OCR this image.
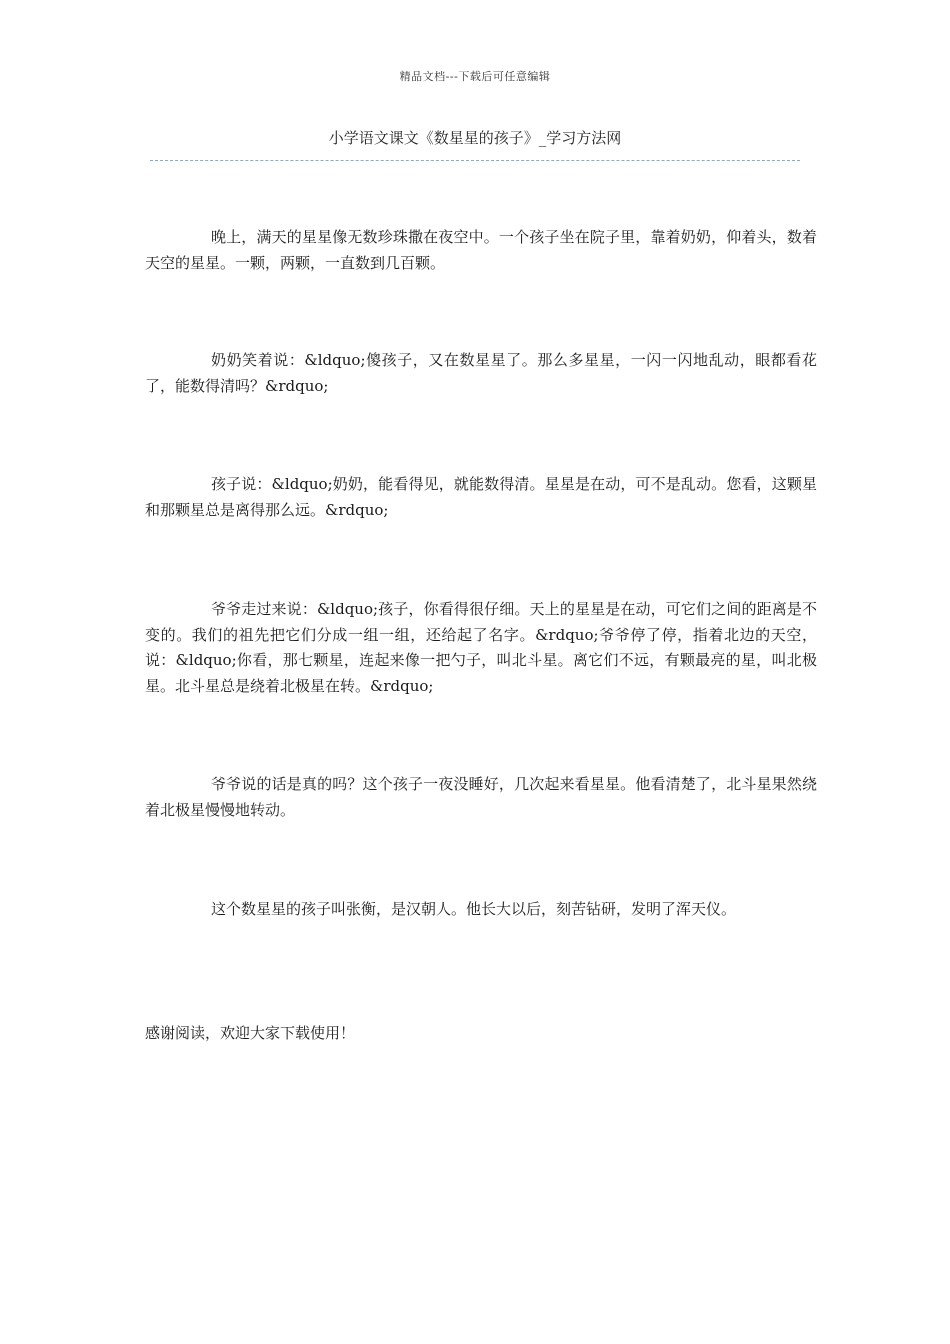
精品文档---下载后可任意编辑
小学语文课文《数星星的孩子》_学习方法网

晚上，满天的星星像无数珍珠撒在夜空中。一个孩子坐在院子里，靠着奶奶，仰着头，数着天空的星星。一颗，两颗，一直数到几百颗。

奶奶笑着说：&ldquo;傻孩子，又在数星星了。那么多星星，一闪一闪地乱动，眼都看花了，能数得清吗？&rdquo;

孩子说：&ldquo;奶奶，能看得见，就能数得清。星星是在动，可不是乱动。您看，这颗星和那颗星总是离得那么远。&rdquo;

爷爷走过来说：&ldquo;孩子，你看得很仔细。天上的星星是在动，可它们之间的距离是不变的。我们的祖先把它们分成一组一组，还给起了名字。&rdquo;爷爷停了停，指着北边的天空，说：&ldquo;你看，那七颗星，连起来像一把勺子，叫北斗星。离它们不远，有颗最亮的星，叫北极星。北斗星总是绕着北极星在转。&rdquo;

爷爷说的话是真的吗？这个孩子一夜没睡好，几次起来看星星。他看清楚了，北斗星果然绕着北极星慢慢地转动。

这个数星星的孩子叫张衡，是汉朝人。他长大以后，刻苦钻研，发明了浑天仪。

感谢阅读，欢迎大家下载使用！
